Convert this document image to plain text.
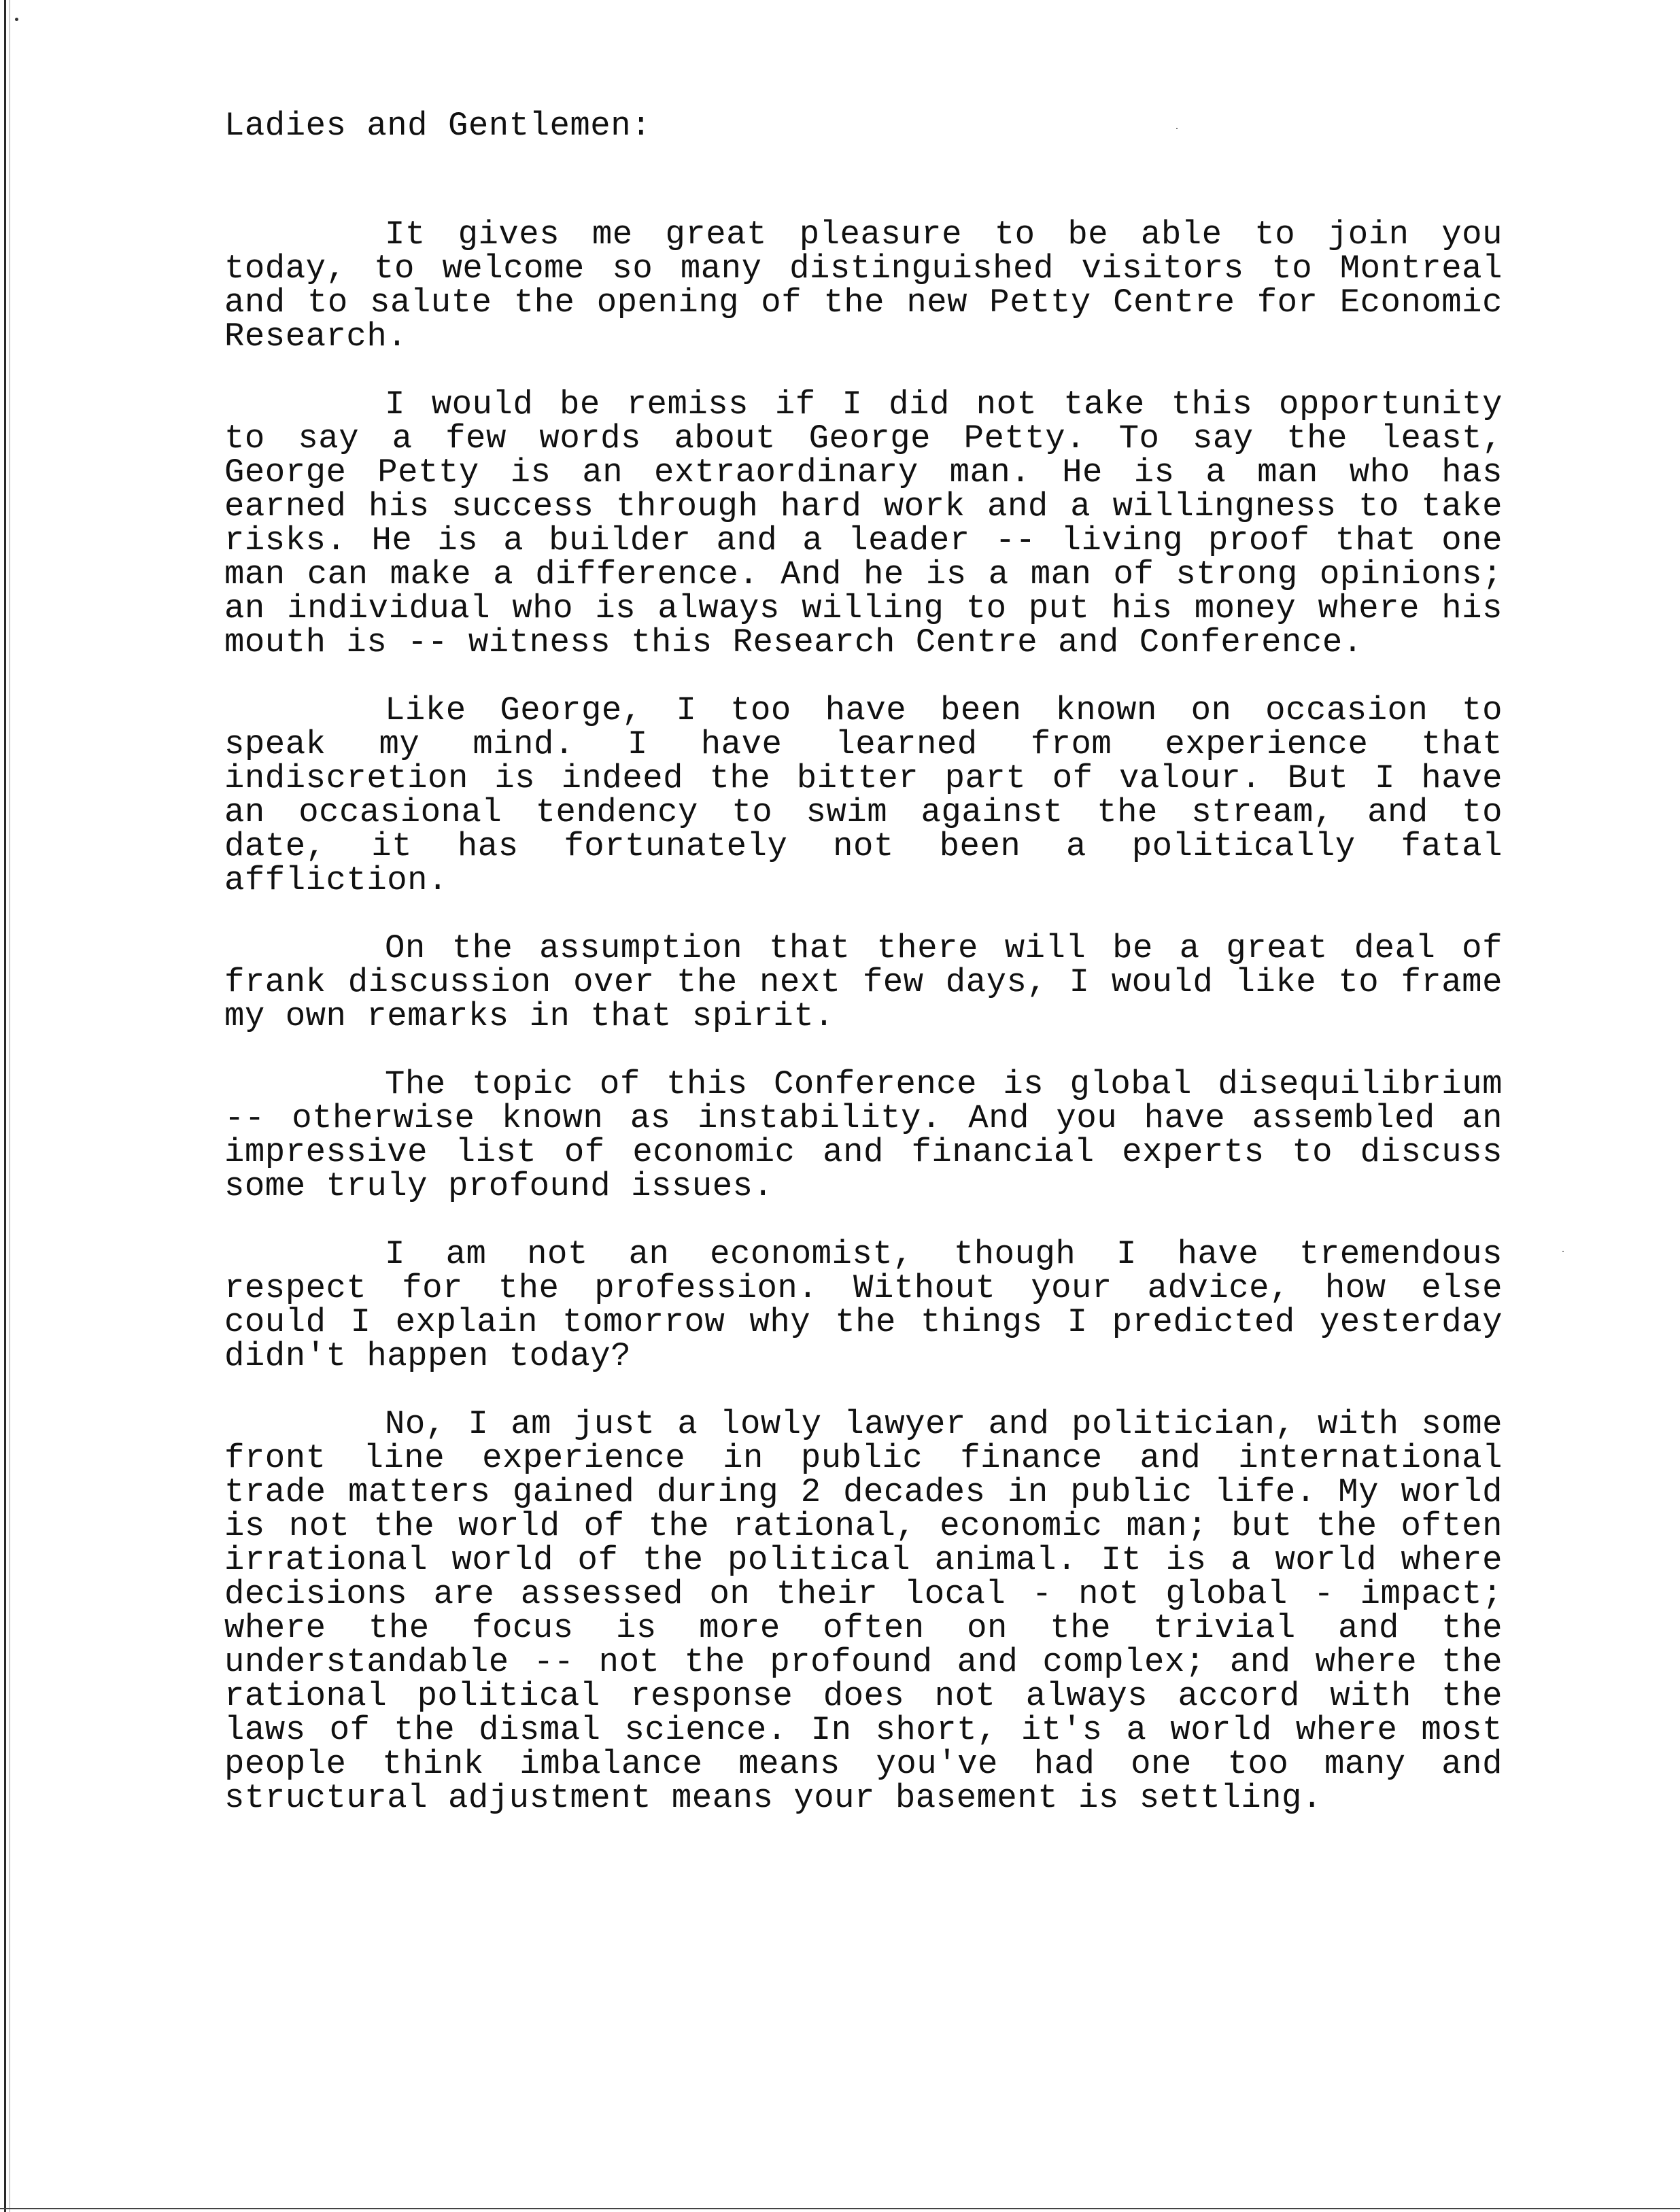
Ladies and Gentlemen:

It gives me great pleasure to be able to join you today, to welcome so many distinguished visitors to Montreal and to salute the opening of the new Petty Centre for Economic Research.

I would be remiss if I did not take this opportunity to say a few words about George Petty. To say the least, George Petty is an extraordinary man. He is a man who has earned his success through hard work and a willingness to take risks. He is a builder and a leader -- living proof that one man can make a difference. And he is a man of strong opinions; an individual who is always willing to put his money where his mouth is -- witness this Research Centre and Conference.

Like George, I too have been known on occasion to speak my mind. I have learned from experience that indiscretion is indeed the bitter part of valour. But I have an occasional tendency to swim against the stream, and to date, it has fortunately not been a politically fatal affliction.

On the assumption that there will be a great deal of frank discussion over the next few days, I would like to frame my own remarks in that spirit.

The topic of this Conference is global disequilibrium -- otherwise known as instability. And you have assembled an impressive list of economic and financial experts to discuss some truly profound issues.

I am not an economist, though I have tremendous respect for the profession. Without your advice, how else could I explain tomorrow why the things I predicted yesterday didn't happen today?

No, I am just a lowly lawyer and politician, with some front line experience in public finance and international trade matters gained during 2 decades in public life. My world is not the world of the rational, economic man; but the often irrational world of the political animal. It is a world where decisions are assessed on their local - not global - impact; where the focus is more often on the trivial and the understandable -- not the profound and complex; and where the rational political response does not always accord with the laws of the dismal science. In short, it's a world where most people think imbalance means you've had one too many and structural adjustment means your basement is settling.
